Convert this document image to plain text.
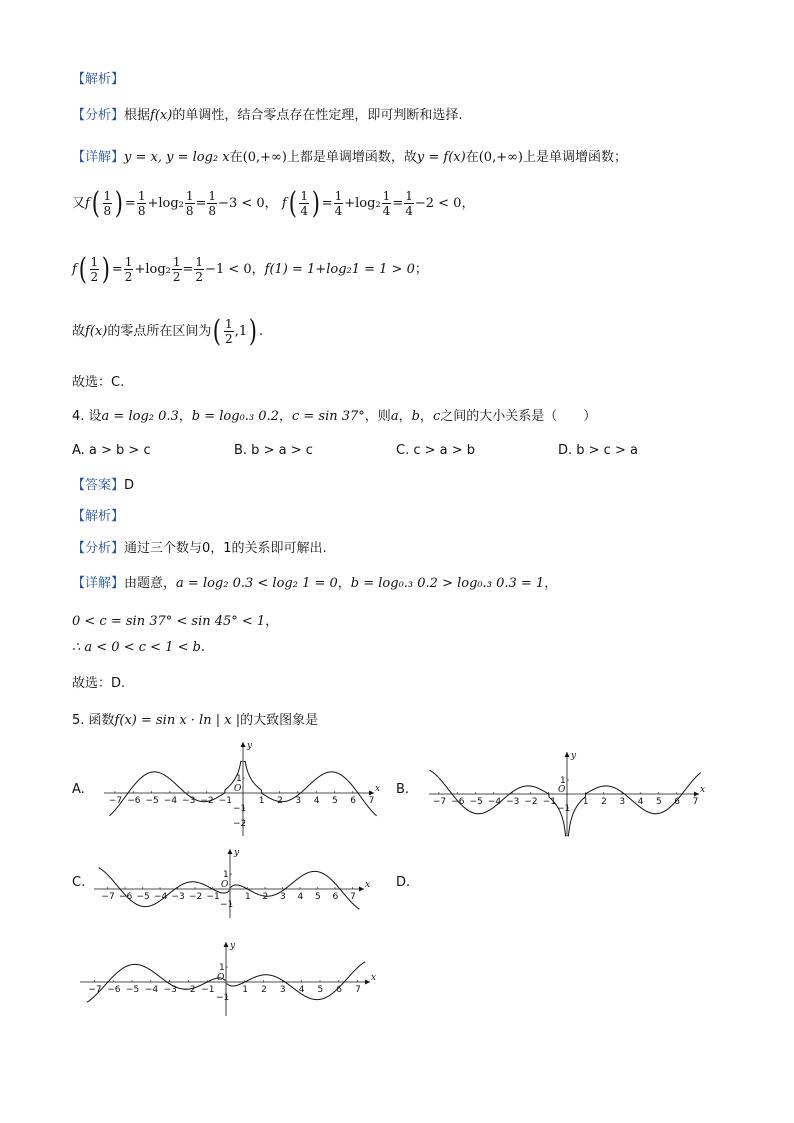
【解析】
【分析】根据f(x)的单调性，结合零点存在性定理，即可判断和选择.
【详解】y = x, y = log₂ x在(0,+∞)上都是单调增函数，故y = f(x)在(0,+∞)上是单调增函数；
又$f( \frac{1}{8}$ ) = $\frac{1}{8} +\log_2 \frac{1}{8} = \frac{1}{8} -3 < 0$， $f( \frac{1}{4}$ ) = $\frac{1}{4} +\log_2 \frac{1}{4} = \frac{1}{4} -2 < 0$，
$f( \frac{1}{2}$ ) = $\frac{1}{2} +\log_2 \frac{1}{2} = \frac{1}{2} -1 < 0$，f(1) = 1+log₂1 = 1 > 0；
故f(x)的零点所在区间为( $\frac{1}{2} ,1$) .
故选：C.
4. 设a = log₂ 0.3，b = log₀.₃ 0.2，c = sin 37°，则a，b，c之间的大小关系是（　　）
A. a > b > c	B. b > a > c	C. c > a > b	D. b > c > a
【答案】D
【解析】
【分析】通过三个数与0，1的关系即可解出.
【详解】由题意，a = log₂ 0.3 < log₂ 1 = 0，b = log₀.₃ 0.2 > log₀.₃ 0.3 = 1，
0 < c = sin 37° < sin 45° < 1，
∴ a < 0 < c < 1 < b.
故选：D.
5. 函数f(x) = sin x · ln | x |的大致图象是
A.	B.
C.	D.
x
y
O
−7 −6 −5 −4 −3 −2 −1	1 2 3 4 5 6 7
1
−1
−2
x
y
O
−7 −6 −5 −4 −3 −2 −1	1 2 3 4 5 6 7
1
−1
x
y
O
−7 −6 −5 −4 −3 −2 −1	1 2 3 4 5 6 7
1
−1
x
y
O
−7 −6 −5 −4 −3 −2 −1	1 2 3 4 5 6 7
1
−1
